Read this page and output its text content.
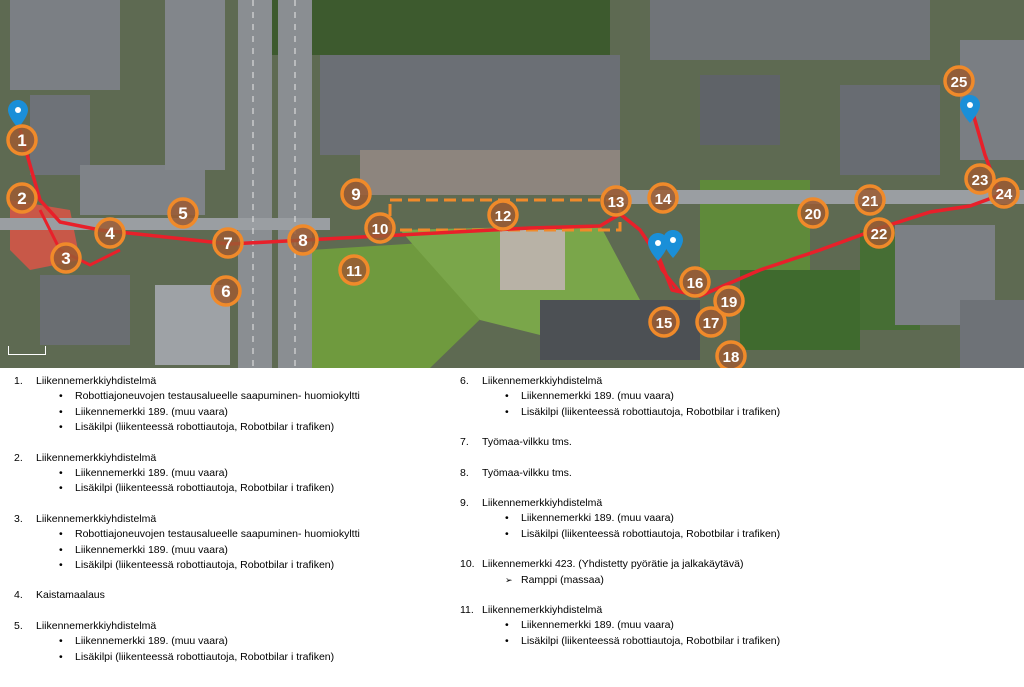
1
2
3
4
5
6
7	8
9
10
11
12
13 14
15
16
17
18
19
20
21
22
23
24
25
1.	Liikennemerkkiyhdistelmä
• Robottiajoneuvojen testausalueelle saapuminen- huomiokyltti
• Liikennemerkki 189. (muu vaara)
• Lisäkilpi (liikenteessä robottiautoja, Robotbilar i trafiken)
2.	Liikennemerkkiyhdistelmä
• Liikennemerkki 189. (muu vaara)
• Lisäkilpi (liikenteessä robottiautoja, Robotbilar i trafiken)
3.	Liikennemerkkiyhdistelmä
• Robottiajoneuvojen testausalueelle saapuminen- huomiokyltti
• Liikennemerkki 189. (muu vaara)
• Lisäkilpi (liikenteessä robottiautoja, Robotbilar i trafiken)
4.	Kaistamaalaus
5.	Liikennemerkkiyhdistelmä
• Liikennemerkki 189. (muu vaara)
• Lisäkilpi (liikenteessä robottiautoja, Robotbilar i trafiken)
6.	Liikennemerkkiyhdistelmä
• Liikennemerkki 189. (muu vaara)
• Lisäkilpi (liikenteessä robottiautoja, Robotbilar i trafiken)
7.	Työmaa-vilkku tms.
8.	Työmaa-vilkku tms.
9.	Liikennemerkkiyhdistelmä
• Liikennemerkki 189. (muu vaara)
• Lisäkilpi (liikenteessä robottiautoja, Robotbilar i trafiken)
10. Liikennemerkki 423. (Yhdistetty pyörätie ja jalkakäytävä)
➢ Ramppi (massaa)
11. Liikennemerkkiyhdistelmä
• Liikennemerkki 189. (muu vaara)
• Lisäkilpi (liikenteessä robottiautoja, Robotbilar i trafiken)
